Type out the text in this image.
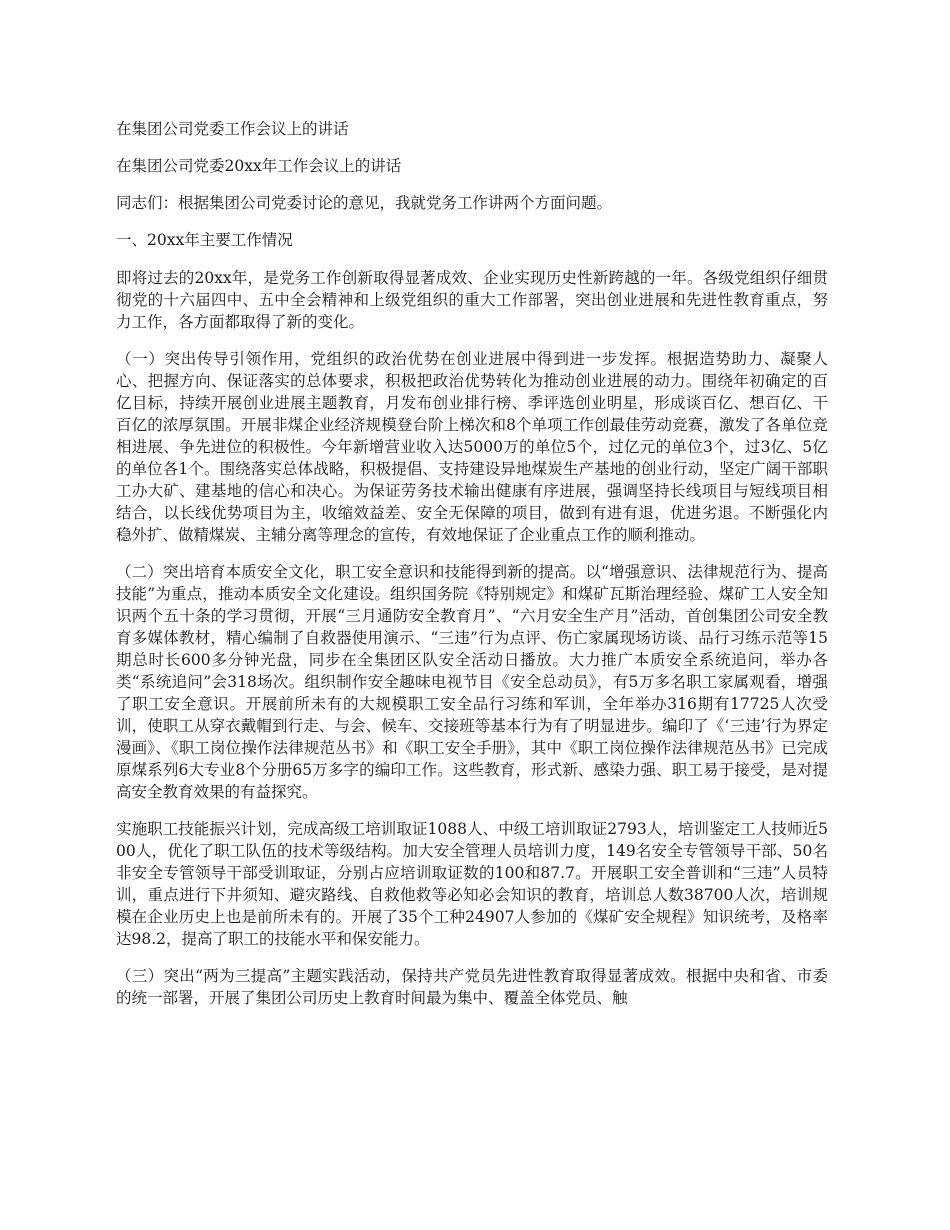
在集团公司党委工作会议上的讲话

在集团公司党委20xx年工作会议上的讲话

同志们：根据集团公司党委讨论的意见，我就党务工作讲两个方面问题。

一、20xx年主要工作情况

即将过去的20xx年，是党务工作创新取得显著成效、企业实现历史性新跨越的一年。各级党组织仔细贯彻党的十六届四中、五中全会精神和上级党组织的重大工作部署，突出创业进展和先进性教育重点，努力工作，各方面都取得了新的变化。

（一）突出传导引领作用，党组织的政治优势在创业进展中得到进一步发挥。根据造势助力、凝聚人心、把握方向、保证落实的总体要求，积极把政治优势转化为推动创业进展的动力。围绕年初确定的百亿目标，持续开展创业进展主题教育，月发布创业排行榜、季评选创业明星，形成谈百亿、想百亿、干百亿的浓厚氛围。开展非煤企业经济规模登台阶上梯次和8个单项工作创最佳劳动竞赛，激发了各单位竞相进展、争先进位的积极性。今年新增营业收入达5000万的单位5个，过亿元的单位3个，过3亿、5亿的单位各1个。围绕落实总体战略，积极提倡、支持建设异地煤炭生产基地的创业行动，坚定广阔干部职工办大矿、建基地的信心和决心。为保证劳务技术输出健康有序进展，强调坚持长线项目与短线项目相结合，以长线优势项目为主，收缩效益差、安全无保障的项目，做到有进有退，优进劣退。不断强化内稳外扩、做精煤炭、主辅分离等理念的宣传，有效地保证了企业重点工作的顺利推动。

（二）突出培育本质安全文化，职工安全意识和技能得到新的提高。以“增强意识、法律规范行为、提高技能”为重点，推动本质安全文化建设。组织国务院《特别规定》和煤矿瓦斯治理经验、煤矿工人安全知识两个五十条的学习贯彻，开展“三月通防安全教育月”、“六月安全生产月”活动，首创集团公司安全教育多媒体教材，精心编制了自救器使用演示、“三违”行为点评、伤亡家属现场访谈、品行习练示范等15期总时长600多分钟光盘，同步在全集团区队安全活动日播放。大力推广本质安全系统追问，举办各类“系统追问”会318场次。组织制作安全趣味电视节目《安全总动员》，有5万多名职工家属观看，增强了职工安全意识。开展前所未有的大规模职工安全品行习练和军训，全年举办316期有17725人次受训，使职工从穿衣戴帽到行走、与会、候车、交接班等基本行为有了明显进步。编印了《‘三违’行为界定漫画》、《职工岗位操作法律规范丛书》和《职工安全手册》，其中《职工岗位操作法律规范丛书》已完成原煤系列6大专业8个分册65万多字的编印工作。这些教育，形式新、感染力强、职工易于接受，是对提高安全教育效果的有益探究。

实施职工技能振兴计划，完成高级工培训取证1088人、中级工培训取证2793人，培训鉴定工人技师近500人，优化了职工队伍的技术等级结构。加大安全管理人员培训力度，149名安全专管领导干部、50名非安全专管领导干部受训取证，分别占应培训取证数的100和87.7。开展职工安全普训和“三违”人员特训，重点进行下井须知、避灾路线、自救他救等必知必会知识的教育，培训总人数38700人次，培训规模在企业历史上也是前所未有的。开展了35个工种24907人参加的《煤矿安全规程》知识统考，及格率达98.2，提高了职工的技能水平和保安能力。

（三）突出“两为三提高”主题实践活动，保持共产党员先进性教育取得显著成效。根据中央和省、市委的统一部署，开展了集团公司历史上教育时间最为集中、覆盖全体党员、触
